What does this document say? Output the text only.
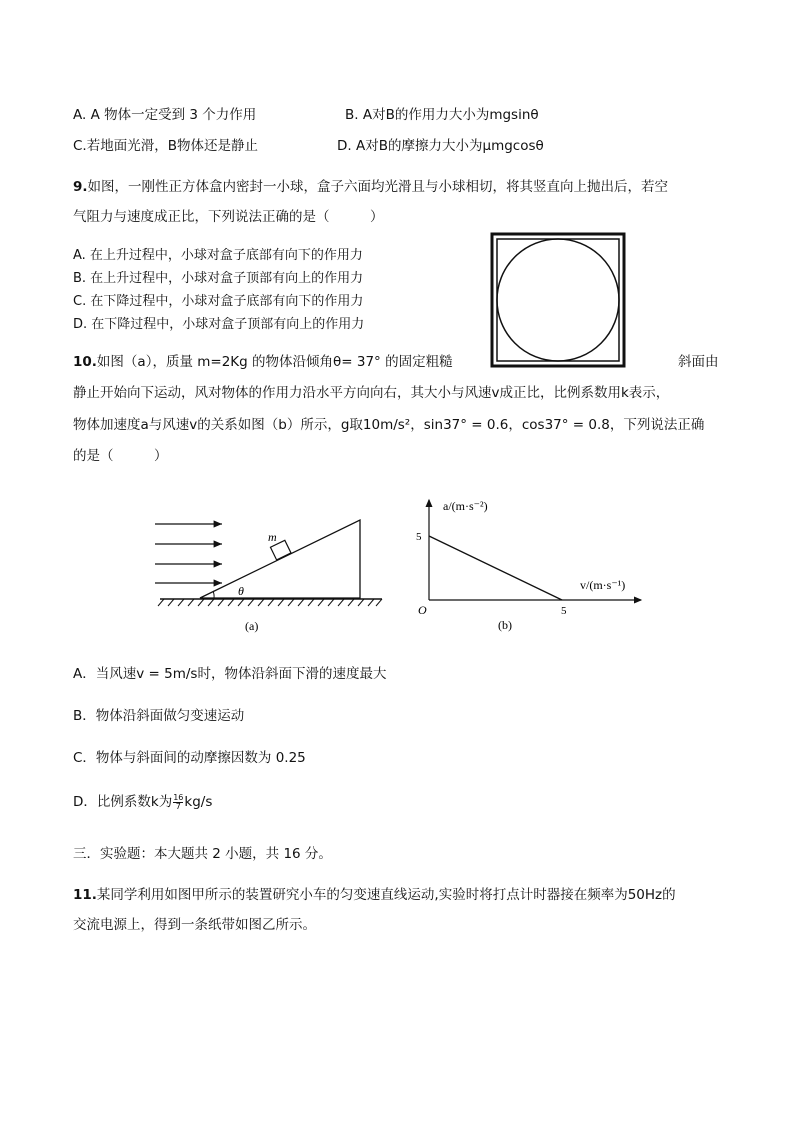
A. A 物体一定受到 3 个力作用	B. A对B的作用力大小为mgsinθ
C.若地面光滑，B物体还是静止	D. A对B的摩擦力大小为μmgcosθ
9.如图，一刚性正方体盒内密封一小球，盒子六面均光滑且与小球相切，将其竖直向上抛出后，若空
气阻力与速度成正比，下列说法正确的是（　　　）
A. 在上升过程中，小球对盒子底部有向下的作用力
B. 在上升过程中，小球对盒子顶部有向上的作用力
C. 在下降过程中，小球对盒子底部有向下的作用力
D. 在下降过程中，小球对盒子顶部有向上的作用力
10.如图（a），质量 m=2Kg 的物体沿倾角θ= 37° 的固定粗糙	斜面由
静止开始向下运动，风对物体的作用力沿水平方向向右，其大小与风速v成正比，比例系数用k表示，
物体加速度a与风速v的关系如图（b）所示，g取10m/s²，sin37° = 0.6，cos37° = 0.8，下列说法正确
的是（　　　）
m
θ
(a)
a/(m·s⁻²)
v/(m·s⁻¹)
5
5
O
(b)
A．当风速v = 5m/s时，物体沿斜面下滑的速度最大
B．物体沿斜面做匀变速运动
C．物体与斜面间的动摩擦因数为 0.25
D．比例系数k为 $\frac{16}{7} kg/s$
三．实验题：本大题共 2 小题，共 16 分。
11.某同学利用如图甲所示的装置研究小车的匀变速直线运动,实验时将打点计时器接在频率为50Hz的
交流电源上，得到一条纸带如图乙所示。
